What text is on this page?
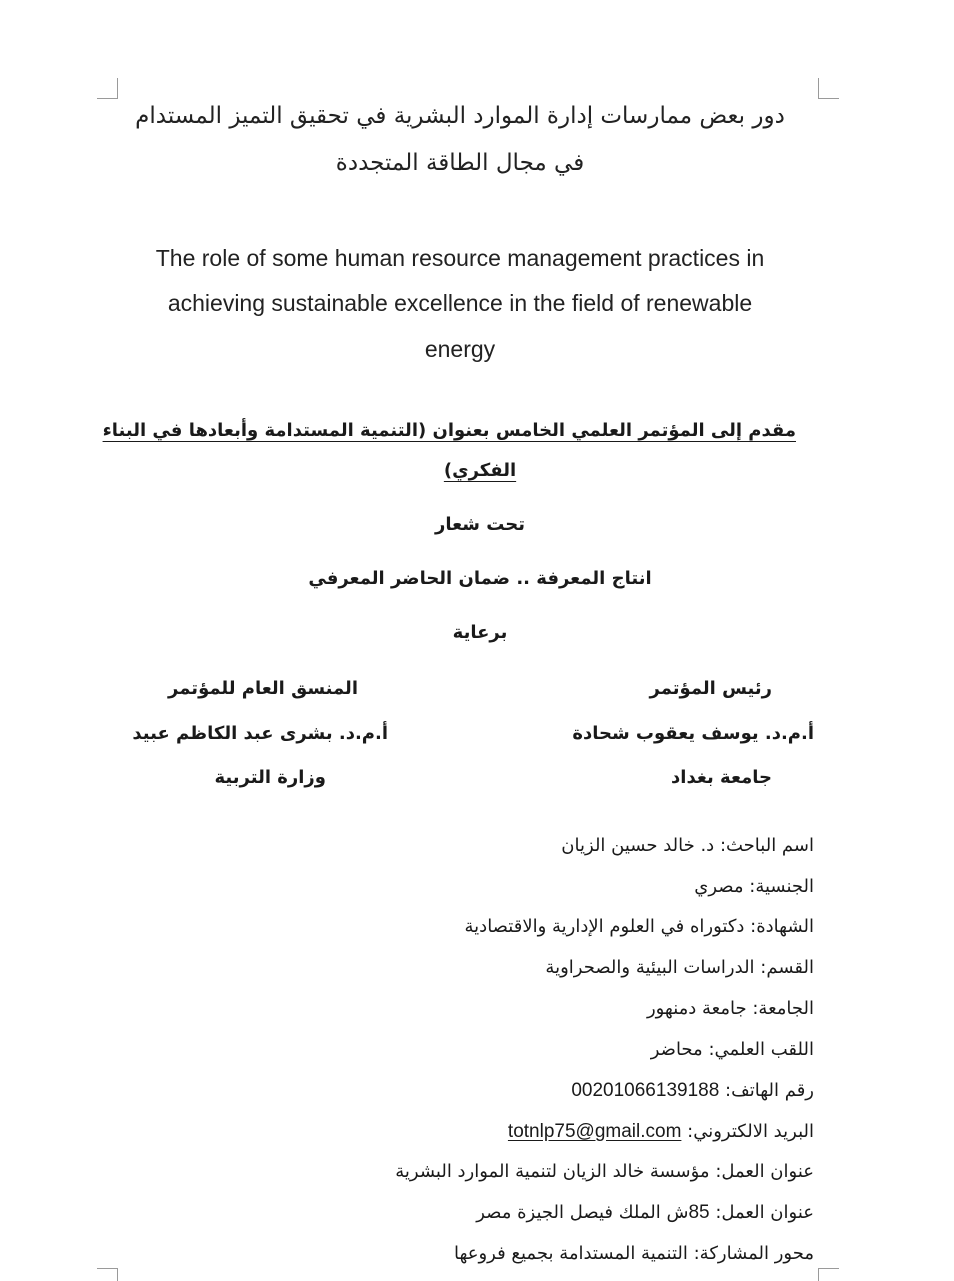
دور بعض ممارسات إدارة الموارد البشرية في تحقيق التميز المستدام
في مجال الطاقة المتجددة
The role of some human resource management practices in
achieving sustainable excellence in the field of renewable
energy
مقدم إلى المؤتمر العلمي الخامس بعنوان (التنمية المستدامة وأبعادها في البناء
الفكري)
تحت شعار
انتاج المعرفة .. ضمان الحاضر المعرفي
برعاية
رئيس المؤتمر
أ.م.د. يوسف يعقوب شحادة
جامعة بغداد
المنسق العام للمؤتمر
أ.م.د. بشرى عبد الكاظم عبيد
وزارة التربية
اسم الباحث: د. خالد حسين الزيان
الجنسية: مصري
الشهادة: دكتوراه في العلوم الإدارية والاقتصادية
القسم: الدراسات البيئية والصحراوية
الجامعة: جامعة دمنهور
اللقب العلمي: محاضر
رقم الهاتف: 00201066139188
البريد الالكتروني: totnlp75@gmail.com
عنوان العمل: مؤسسة خالد الزيان لتنمية الموارد البشرية
عنوان العمل: 85ش الملك فيصل الجيزة مصر
محور المشاركة: التنمية المستدامة بجميع فروعها
